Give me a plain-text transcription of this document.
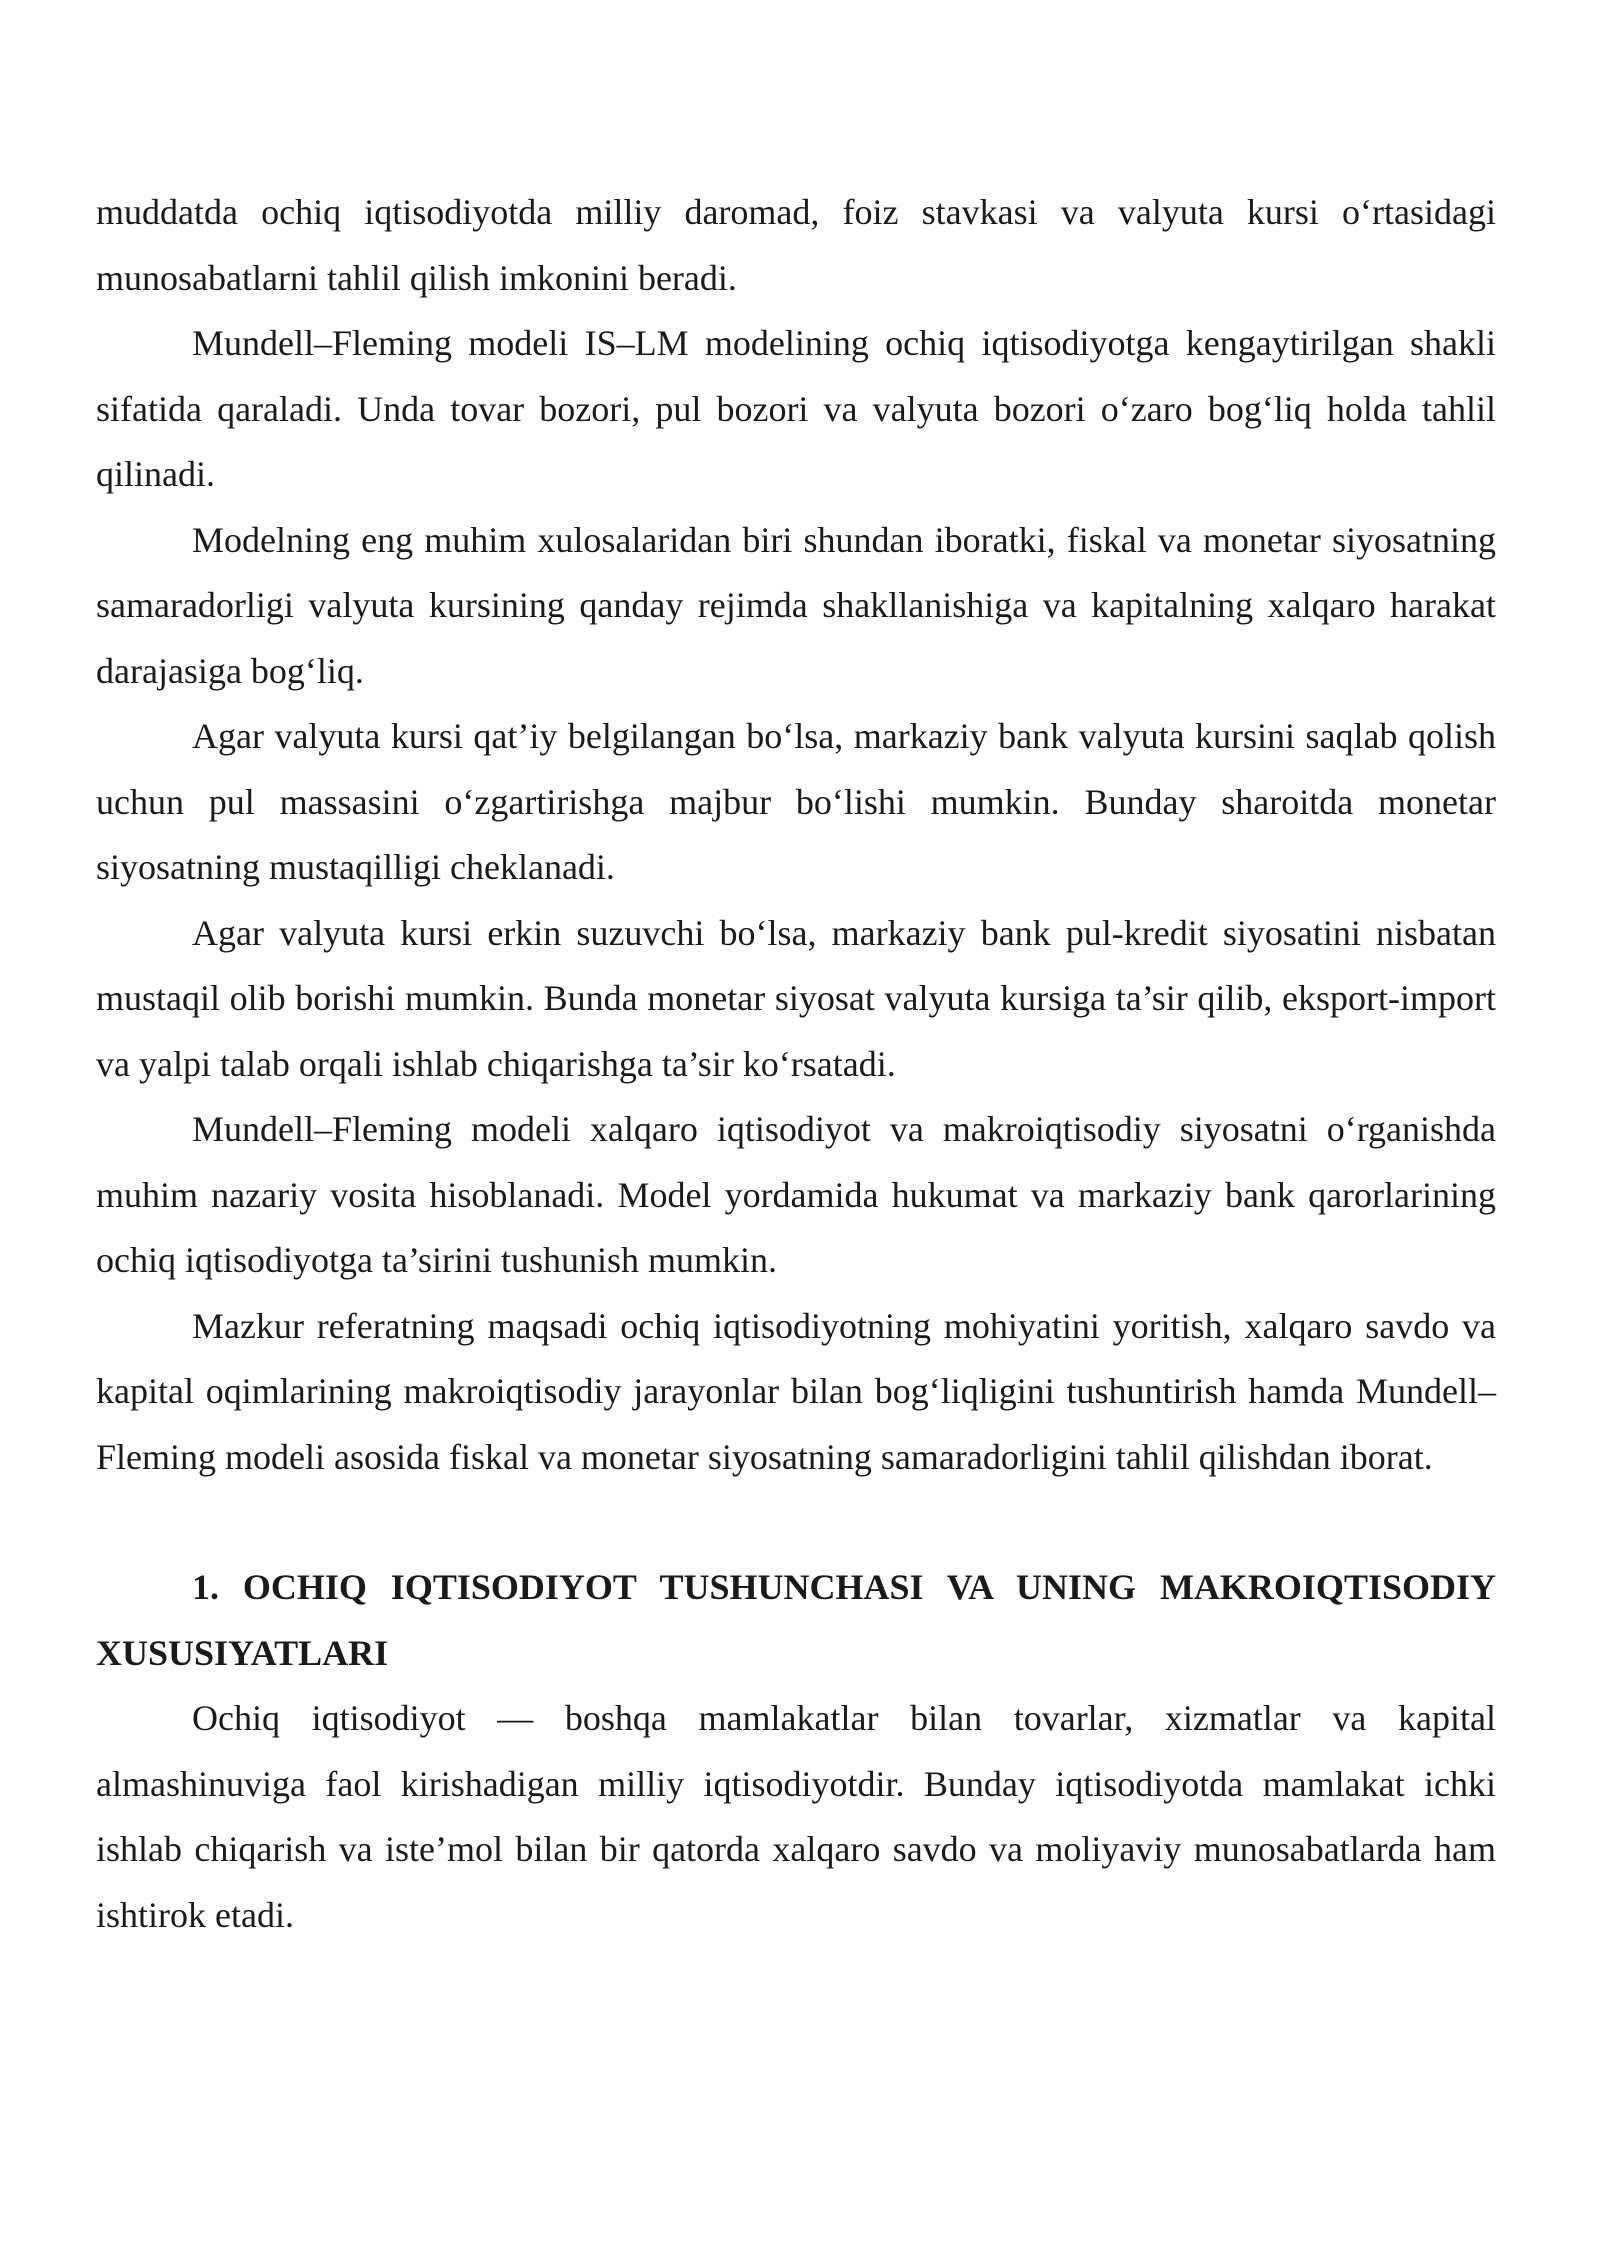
muddatda ochiq iqtisodiyotda milliy daromad, foiz stavkasi va valyuta kursi o‘rtasidagi munosabatlarni tahlil qilish imkonini beradi.

Mundell–Fleming modeli IS–LM modelining ochiq iqtisodiyotga kengaytirilgan shakli sifatida qaraladi. Unda tovar bozori, pul bozori va valyuta bozori o‘zaro bog‘liq holda tahlil qilinadi.

Modelning eng muhim xulosalaridan biri shundan iboratki, fiskal va monetar siyosatning samaradorligi valyuta kursining qanday rejimda shakllanishiga va kapitalning xalqaro harakat darajasiga bog‘liq.

Agar valyuta kursi qat’iy belgilangan bo‘lsa, markaziy bank valyuta kursini saqlab qolish uchun pul massasini o‘zgartirishga majbur bo‘lishi mumkin. Bunday sharoitda monetar siyosatning mustaqilligi cheklanadi.

Agar valyuta kursi erkin suzuvchi bo‘lsa, markaziy bank pul-kredit siyosatini nisbatan mustaqil olib borishi mumkin. Bunda monetar siyosat valyuta kursiga ta’sir qilib, eksport-import va yalpi talab orqali ishlab chiqarishga ta’sir ko‘rsatadi.

Mundell–Fleming modeli xalqaro iqtisodiyot va makroiqtisodiy siyosatni o‘rganishda muhim nazariy vosita hisoblanadi. Model yordamida hukumat va markaziy bank qarorlarining ochiq iqtisodiyotga ta’sirini tushunish mumkin.

Mazkur referatning maqsadi ochiq iqtisodiyotning mohiyatini yoritish, xalqaro savdo va kapital oqimlarining makroiqtisodiy jarayonlar bilan bog‘liqligini tushuntirish hamda Mundell–Fleming modeli asosida fiskal va monetar siyosatning samaradorligini tahlil qilishdan iborat.

1. OCHIQ IQTISODIYOT TUSHUNCHASI VA UNING MAKROIQTISODIY XUSUSIYATLARI

Ochiq iqtisodiyot — boshqa mamlakatlar bilan tovarlar, xizmatlar va kapital almashinuviga faol kirishadigan milliy iqtisodiyotdir. Bunday iqtisodiyotda mamlakat ichki ishlab chiqarish va iste’mol bilan bir qatorda xalqaro savdo va moliyaviy munosabatlarda ham ishtirok etadi.
